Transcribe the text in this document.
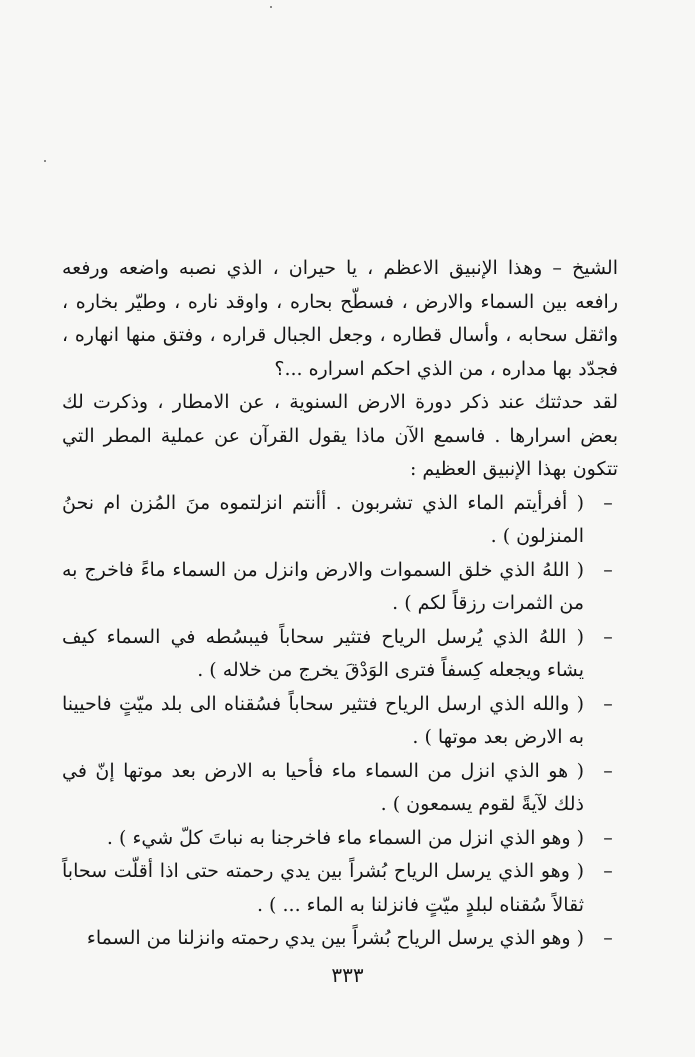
الشيخ – وهذا الإنبيق الاعظم ، يا حيران ، الذي نصبه واضعه ورفعه رافعه بين السماء والارض ، فسطّح بحاره ، واوقد ناره ، وطيّر بخاره ، واثقل سحابه ، وأسال قطاره ، وجعل الجبال قراره ، وفتق منها انهاره ، فجدّد بها مداره ، من الذي احكم اسراره ...؟

لقد حدثتك عند ذكر دورة الارض السنوية ، عن الامطار ، وذكرت لك بعض اسرارها . فاسمع الآن ماذا يقول القرآن عن عملية المطر التي تتكون بهذا الإنبيق العظيم :

–
( أفرأيتم الماء الذي تشربون . أأنتم انزلتموه منَ المُزن ام نحنُ المنزلون ) .
–
( اللهُ الذي خلق السموات والارض وانزل من السماء ماءً فاخرج به من الثمرات رزقاً لكم ) .
–
( اللهُ الذي يُرسل الرياح فتثير سحاباً فيبسُطه في السماء كيف يشاء ويجعله كِسفاً فترى الوَدْقَ يخرج من خلاله ) .
–
( والله الذي ارسل الرياح فتثير سحاباً فسُقناه الى بلد ميّتٍ فاحيينا به الارض بعد موتها ) .
–
( هو الذي انزل من السماء ماء فأحيا به الارض بعد موتها إنّ في ذلك لآيةً لقوم يسمعون ) .
–
( وهو الذي انزل من السماء ماء فاخرجنا به نباتَ كلّ شيء ) .
–
( وهو الذي يرسل الرياح بُشراً بين يدي رحمته حتى اذا أقلّت سحاباً ثقالاً سُقناه لبلدٍ ميّتٍ فانزلنا به الماء ... ) .
–
( وهو الذي يرسل الرياح بُشراً بين يدي رحمته وانزلنا من السماء
٣٣٣
